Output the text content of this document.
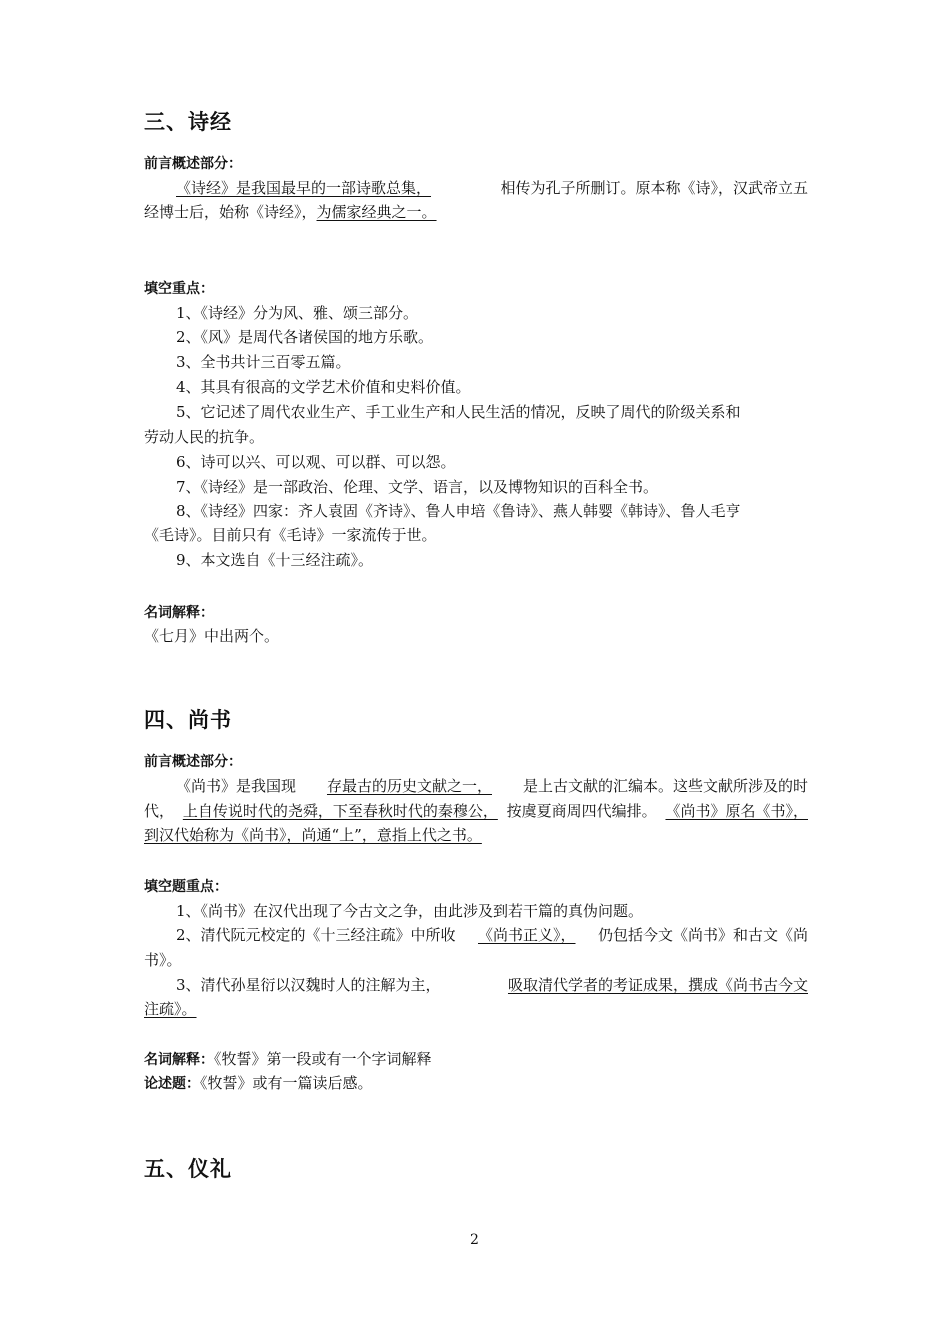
三、诗经
前言概述部分：
《诗经》是我国最早的一部诗歌总集，	相传为孔子所删订。原本称《诗》，汉武帝立五
经博士后，始称《诗经》，为儒家经典之一。
填空重点：
1、《诗经》分为风、雅、颂三部分。
2、《风》是周代各诸侯国的地方乐歌。
3、全书共计三百零五篇。
4、其具有很高的文学艺术价值和史料价值。
5、它记述了周代农业生产、手工业生产和人民生活的情况，反映了周代的阶级关系和
劳动人民的抗争。
6、诗可以兴、可以观、可以群、可以怨。
7、《诗经》是一部政治、伦理、文学、语言，以及博物知识的百科全书。
8、《诗经》四家：齐人袁固《齐诗》、鲁人申培《鲁诗》、燕人韩婴《韩诗》、鲁人毛亨
《毛诗》。目前只有《毛诗》一家流传于世。
9、本文选自《十三经注疏》。
名词解释：
《七月》中出两个。
四、尚书
前言概述部分：
《尚书》是我国现 存最古的历史文献之一， 是上古文献的汇编本。这些文献所涉及的时
代， 上自传说时代的尧舜，下至春秋时代的秦穆公， 按虞夏商周四代编排。 《尚书》原名《书》，
到汉代始称为《尚书》，尚通“上”，意指上代之书。
填空题重点：
1、《尚书》在汉代出现了今古文之争，由此涉及到若干篇的真伪问题。
2、清代阮元校定的《十三经注疏》中所收 《尚书正义》， 仍包括今文《尚书》和古文《尚
书》。
3、清代孙星衍以汉魏时人的注解为主，	吸取清代学者的考证成果，撰成《尚书古今文
注疏》。
名词解释：《牧誓》第一段或有一个字词解释
论述题：《牧誓》或有一篇读后感。
五、仪礼
2
